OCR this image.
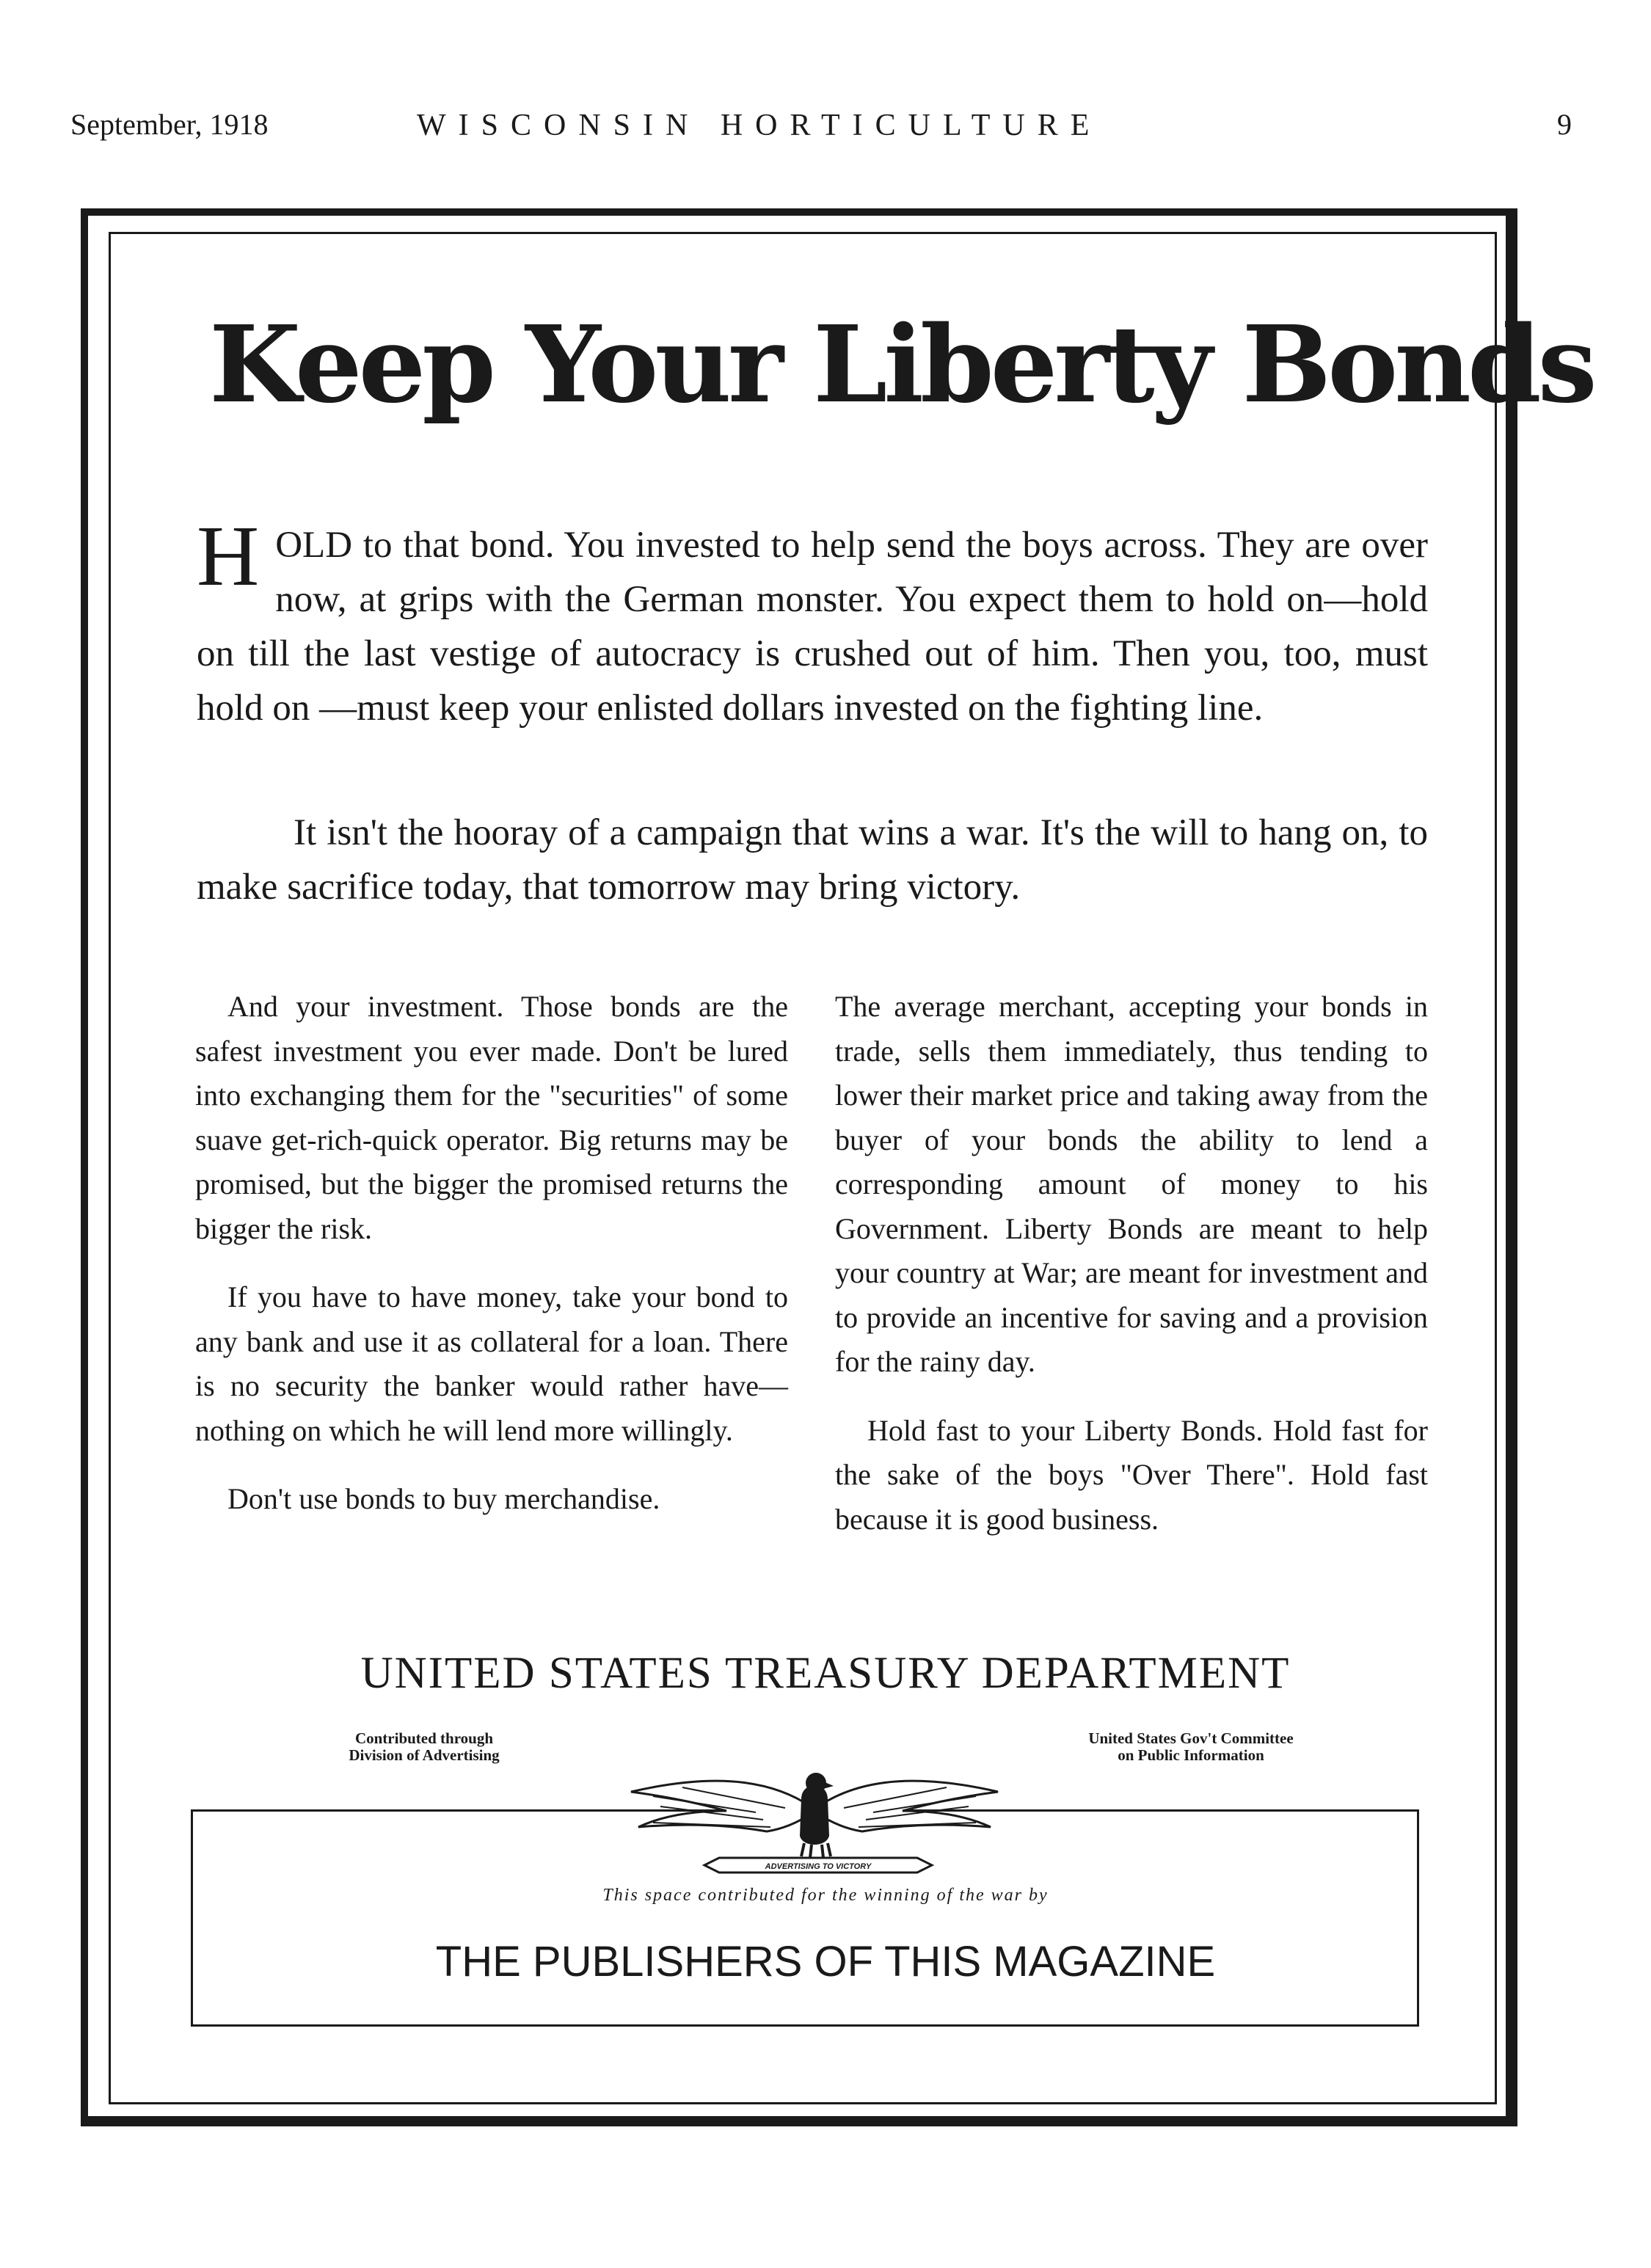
September, 1918	WISCONSIN HORTICULTURE	9
Keep Your Liberty Bonds

HOLD to that bond. You invested to help send the boys across. They are over now, at grips with the German monster. You expect them to hold on—hold on till the last vestige of autocracy is crushed out of him. Then you, too, must hold on —must keep your enlisted dollars invested on the fighting line.

It isn't the hooray of a campaign that wins a war. It's the will to hang on, to make sacrifice today, that tomorrow may bring victory.

And your investment. Those bonds are the safest investment you ever made. Don't be lured into exchanging them for the "securities" of some suave get-rich-quick operator. Big returns may be promised, but the bigger the promised returns the bigger the risk.

If you have to have money, take your bond to any bank and use it as collateral for a loan. There is no security the banker would rather have—nothing on which he will lend more willingly.

Don't use bonds to buy merchandise.

The average merchant, accepting your bonds in trade, sells them immediately, thus tending to lower their market price and taking away from the buyer of your bonds the ability to lend a corresponding amount of money to his Government. Liberty Bonds are meant to help your country at War; are meant for investment and to provide an incentive for saving and a provision for the rainy day.

Hold fast to your Liberty Bonds. Hold fast for the sake of the boys "Over There". Hold fast because it is good business.

UNITED STATES TREASURY DEPARTMENT
Contributed through
Division of Advertising
United States Gov't Committee
on Public Information
ADVERTISING TO VICTORY
This space contributed for the winning of the war by
THE PUBLISHERS OF THIS MAGAZINE
